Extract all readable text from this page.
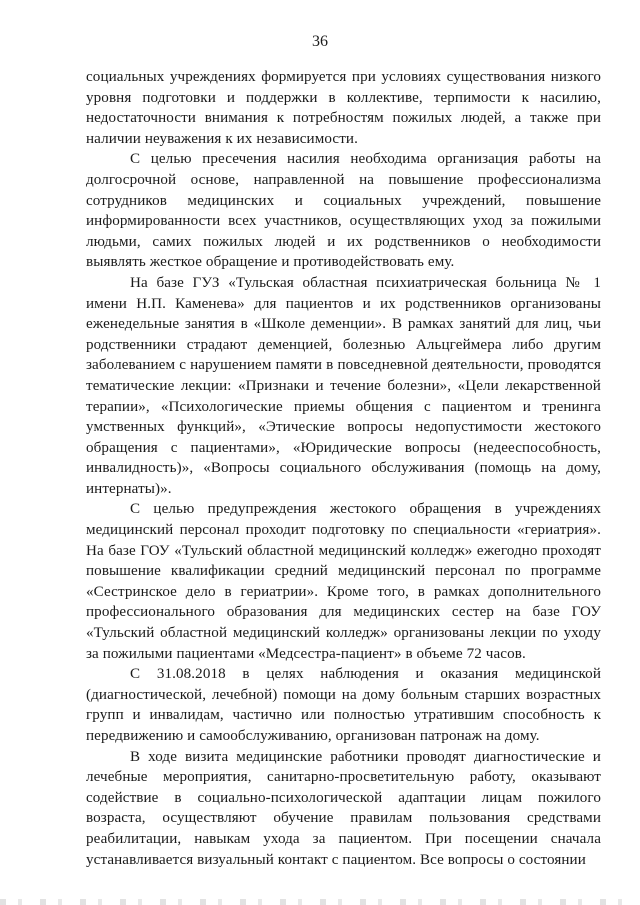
36

социальных учреждениях формируется при условиях существования низкого уровня подготовки и поддержки в коллективе, терпимости к насилию, недостаточности внимания к потребностям пожилых людей, а также при наличии неуважения к их независимости.

С целью пресечения насилия необходима организация работы на долгосрочной основе, направленной на повышение профессионализма сотрудников медицинских и социальных учреждений, повышение информированности всех участников, осуществляющих уход за пожилыми людьми, самих пожилых людей и их родственников о необходимости выявлять жесткое обращение и противодействовать ему.

На базе ГУЗ «Тульская областная психиатрическая больница № 1 имени Н.П. Каменева» для пациентов и их родственников организованы еженедельные занятия в «Школе деменции». В рамках занятий для лиц, чьи родственники страдают деменцией, болезнью Альцгеймера либо другим заболеванием с нарушением памяти в повседневной деятельности, проводятся тематические лекции: «Признаки и течение болезни», «Цели лекарственной терапии», «Психологические приемы общения с пациентом и тренинга умственных функций», «Этические вопросы недопустимости жестокого обращения с пациентами», «Юридические вопросы (недееспособность, инвалидность)», «Вопросы социального обслуживания (помощь на дому, интернаты)».

С целью предупреждения жестокого обращения в учреждениях медицинский персонал проходит подготовку по специальности «гериатрия». На базе ГОУ «Тульский областной медицинский колледж» ежегодно проходят повышение квалификации средний медицинский персонал по программе «Сестринское дело в гериатрии». Кроме того, в рамках дополнительного профессионального образования для медицинских сестер на базе ГОУ «Тульский областной медицинский колледж» организованы лекции по уходу за пожилыми пациентами «Медсестра-пациент» в объеме 72 часов.

С 31.08.2018 в целях наблюдения и оказания медицинской (диагностической, лечебной) помощи на дому больным старших возрастных групп и инвалидам, частично или полностью утратившим способность к передвижению и самообслуживанию, организован патронаж на дому.

В ходе визита медицинские работники проводят диагностические и лечебные мероприятия, санитарно-просветительную работу, оказывают содействие в социально-психологической адаптации лицам пожилого возраста, осуществляют обучение правилам пользования средствами реабилитации, навыкам ухода за пациентом. При посещении сначала устанавливается визуальный контакт с пациентом. Все вопросы о состоянии
